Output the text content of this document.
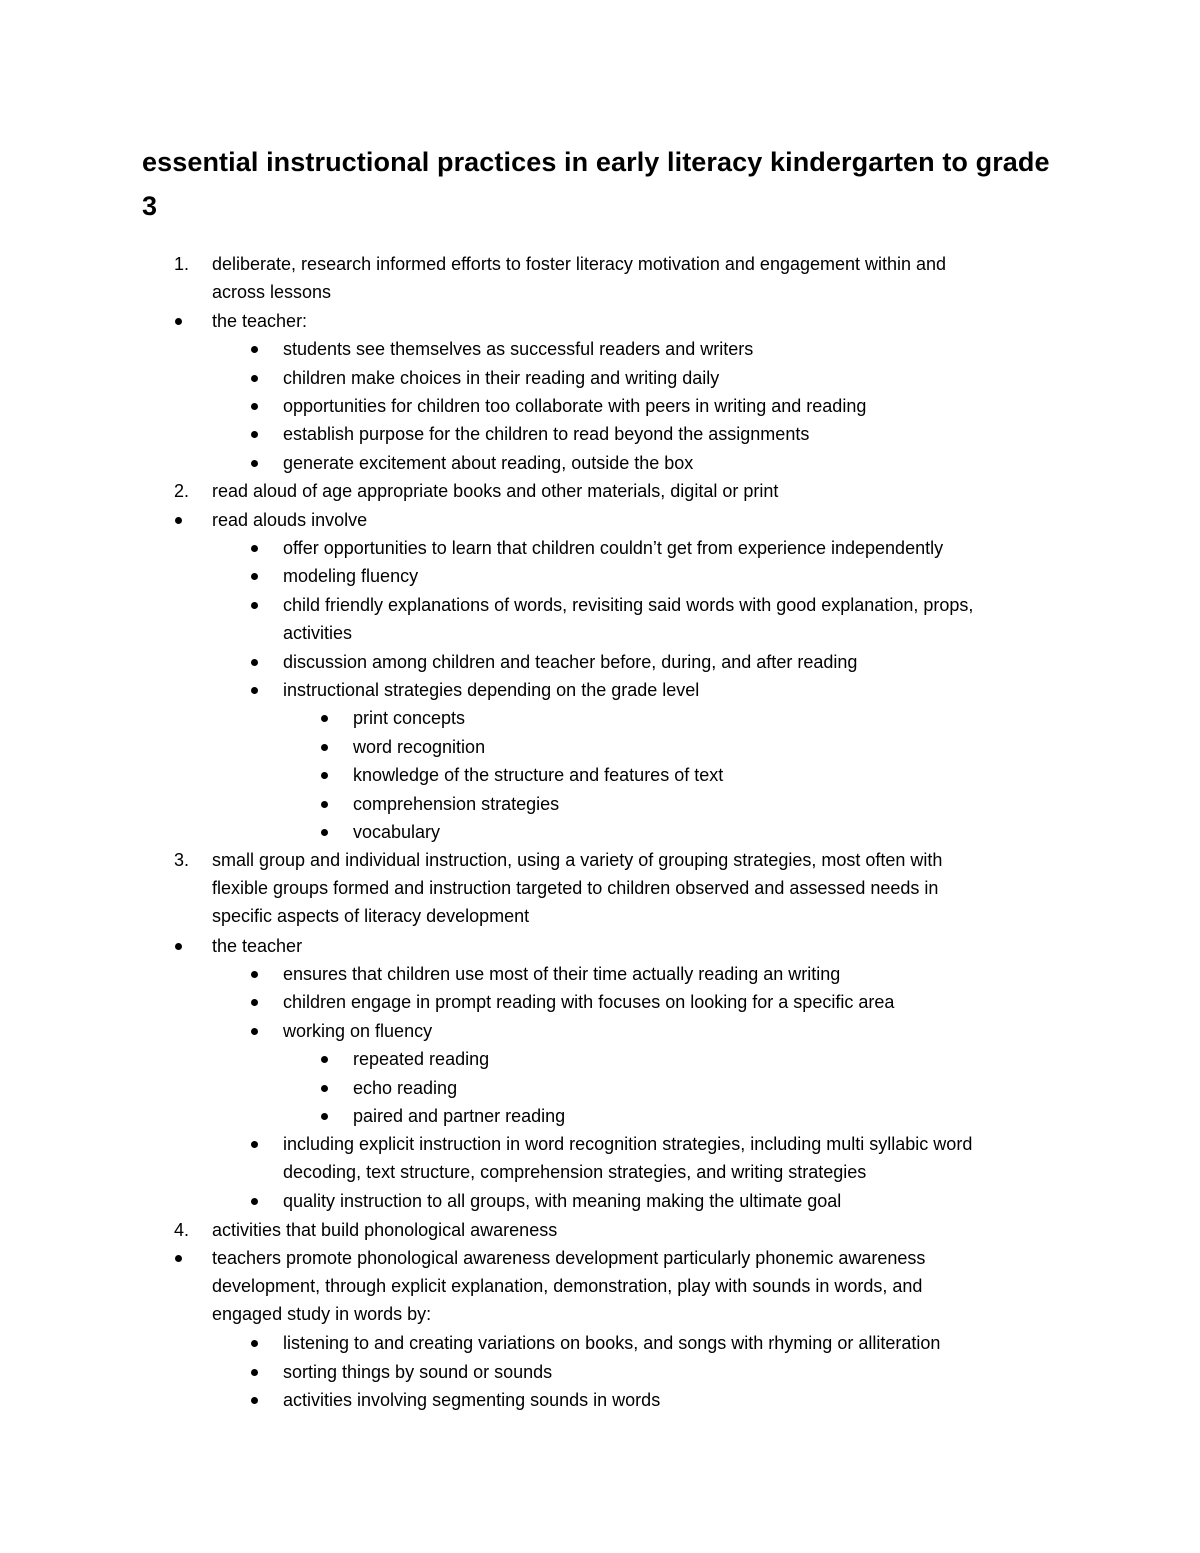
essential instructional practices in early literacy kindergarten to grade 3
1. deliberate, research informed efforts to foster literacy motivation and engagement within and
across lessons
the teacher:
students see themselves as successful readers and writers
children make choices in their reading and writing daily
opportunities for children too collaborate with peers in writing and reading
establish purpose for the children to read beyond the assignments
generate excitement about reading, outside the box
2. read aloud of age appropriate books and other materials, digital or print
read alouds involve
offer opportunities to learn that children couldn’t get from experience independently
modeling fluency
child friendly explanations of words, revisiting said words with good explanation, props,
activities
discussion among children and teacher before, during, and after reading
instructional strategies depending on the grade level
print concepts
word recognition
knowledge of the structure and features of text
comprehension strategies
vocabulary
3. small group and individual instruction, using a variety of grouping strategies, most often with
flexible groups formed and instruction targeted to children observed and assessed needs in
specific aspects of literacy development
the teacher
ensures that children use most of their time actually reading an writing
children engage in prompt reading with focuses on looking for a specific area
working on fluency
repeated reading
echo reading
paired and partner reading
including explicit instruction in word recognition strategies, including multi syllabic word
decoding, text structure, comprehension strategies, and writing strategies
quality instruction to all groups, with meaning making the ultimate goal
4. activities that build phonological awareness
teachers promote phonological awareness development particularly phonemic awareness
development, through explicit explanation, demonstration, play with sounds in words, and
engaged study in words by:
listening to and creating variations on books, and songs with rhyming or alliteration
sorting things by sound or sounds
activities involving segmenting sounds in words
